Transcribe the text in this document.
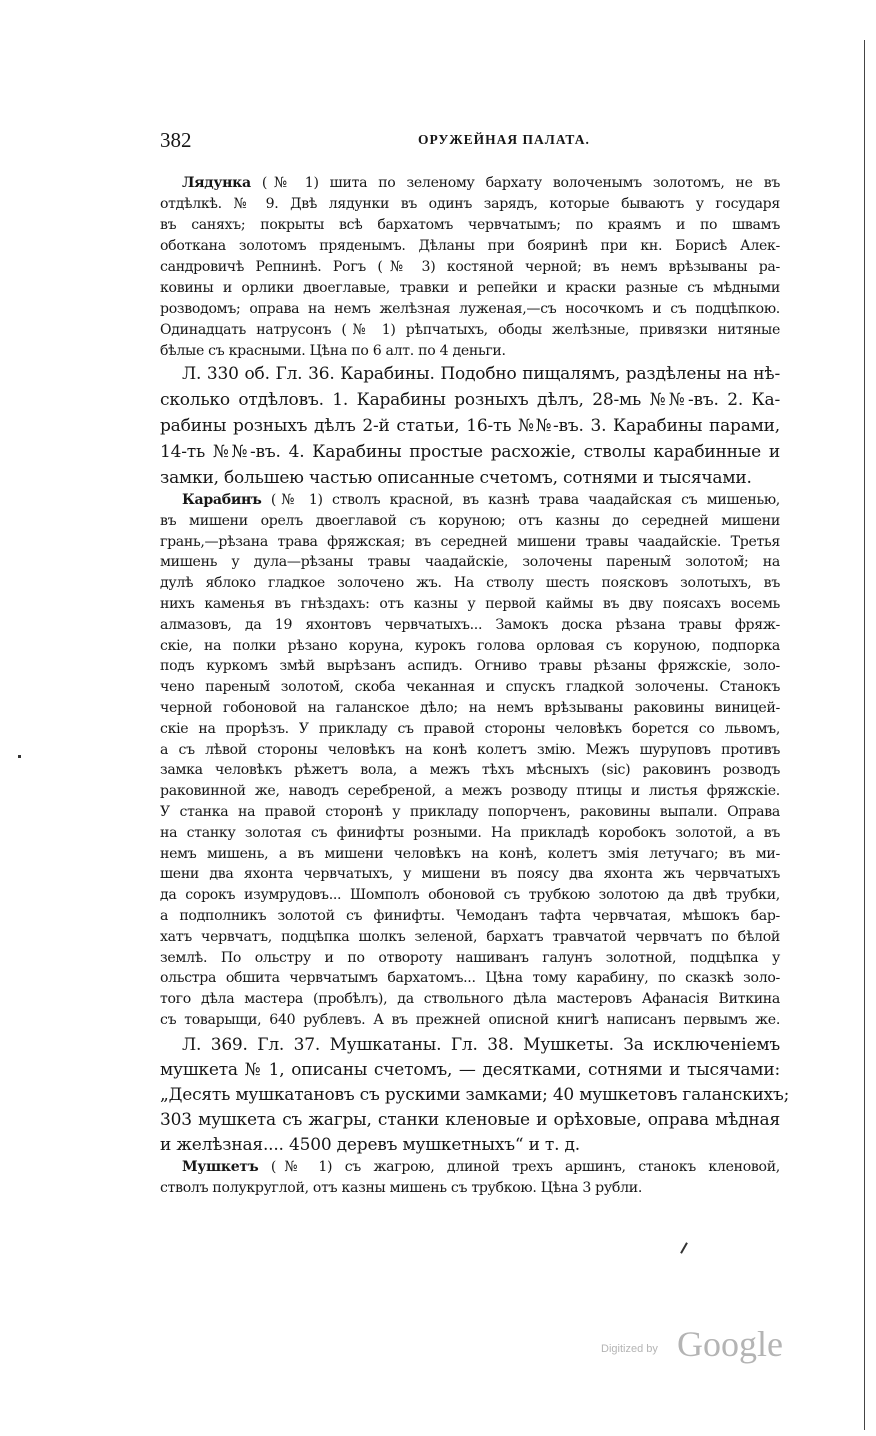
382	ОРУЖЕЙНАЯ ПАЛАТА.
Лядунка (№ 1) шита по зеленому бархату волоченымъ золотомъ, не въ
отдѣлкѣ. № 9. Двѣ лядунки въ одинъ зарядъ, которые бываютъ у государя
въ саняхъ; покрыты всѣ бархатомъ червчатымъ; по краямъ и по швамъ
оботкана золотомъ пряденымъ. Дѣланы при бояринѣ при кн. Борисѣ Алек-
сандровичѣ Репнинѣ. Рогъ (№ 3) костяной черной; въ немъ врѣзываны ра-
ковины и орлики двоеглавые, травки и репейки и краски разные съ мѣдными
розводомъ; оправа на немъ желѣзная луженая,—съ носочкомъ и съ подцѣпкою.
Одинадцать натрусонъ (№ 1) рѣпчатыхъ, ободы желѣзные, привязки нитяные
бѣлые съ красными. Цѣна по 6 алт. по 4 деньги.
Л. 330 об. Гл. 36. Карабины. Подобно пищалямъ, раздѣлены на нѣ-
сколько отдѣловъ. 1. Карабины розныхъ дѣлъ, 28-мь №№-въ. 2. Ка-
рабины розныхъ дѣлъ 2-й статьи, 16-ть №№-въ. 3. Карабины парами,
14-ть №№-въ. 4. Карабины простые расхожіе, стволы карабинные и
замки, большею частью описанные счетомъ, сотнями и тысячами.
Карабинъ (№ 1) стволъ красной, въ казнѣ трава чаадайская съ мишенью,
въ мишени орелъ двоеглавой съ коруною; отъ казны до середней мишени
грань,—рѣзана трава фряжская; въ середней мишени травы чаадайскіе. Третья
мишень у дула—рѣзаны травы чаадайскіе, золочены пареным̃ золотом̃; на
дулѣ яблоко гладкое золочено жъ. На стволу шесть поясковъ золотыхъ, въ
нихъ каменья въ гнѣздахъ: отъ казны у первой каймы въ дву поясахъ восемь
алмазовъ, да 19 яхонтовъ червчатыхъ... Замокъ доска рѣзана травы фряж-
скіе, на полки рѣзано коруна, курокъ голова орловая съ коруною, подпорка
подъ куркомъ змѣй вырѣзанъ аспидъ. Огниво травы рѣзаны фряжскіе, золо-
чено пареным̃ золотом̃, скоба чеканная и спускъ гладкой золочены. Станокъ
черной гобоновой на галанское дѣло; на немъ врѣзываны раковины виницей-
скіе на прорѣзъ. У прикладу съ правой стороны человѣкъ борется со львомъ,
а съ лѣвой стороны человѣкъ на конѣ колетъ змію. Межъ шуруповъ противъ
замка человѣкъ рѣжетъ вола, а межъ тѣхъ мѣсныхъ (sic) раковинъ розводъ
раковинной же, наводъ серебреной, а межъ розводу птицы и листья фряжскіе.
У станка на правой сторонѣ у прикладу попорченъ, раковины выпали. Оправа
на станку золотая съ финифты розными. На прикладѣ коробокъ золотой, а въ
немъ мишень, а въ мишени человѣкъ на конѣ, колетъ змія летучаго; въ ми-
шени два яхонта червчатыхъ, у мишени въ поясу два яхонта жъ червчатыхъ
да сорокъ изумрудовъ... Шомполъ обоновой съ трубкою золотою да двѣ трубки,
а подполникъ золотой съ финифты. Чемоданъ тафта червчатая, мѣшокъ бар-
хатъ червчатъ, подцѣпка шолкъ зеленой, бархатъ травчатой червчатъ по бѣлой
землѣ. По ольстру и по отвороту нашиванъ галунъ золотной, подцѣпка у
ольстра обшита червчатымъ бархатомъ... Цѣна тому карабину, по сказкѣ золо-
того дѣла мастера (пробѣлъ), да ствольного дѣла мастеровъ Афанасія Виткина
съ товарыщи, 640 рублевъ. А въ прежней описной книгѣ написанъ первымъ же.
Л. 369. Гл. 37. Мушкатаны. Гл. 38. Мушкеты. За исключеніемъ
мушкета № 1, описаны счетомъ, — десятками, сотнями и тысячами:
„Десять мушкатановъ съ рускими замками; 40 мушкетовъ галанскихъ;
303 мушкета съ жагры, станки кленовые и орѣховые, оправа мѣдная
и желѣзная.... 4500 деревъ мушкетныхъ“ и т. д.
Мушкетъ (№ 1) съ жагрою, длиной трехъ аршинъ, станокъ кленовой,
стволъ полукруглой, отъ казны мишень съ трубкою. Цѣна 3 рубли.
Digitized by Google
